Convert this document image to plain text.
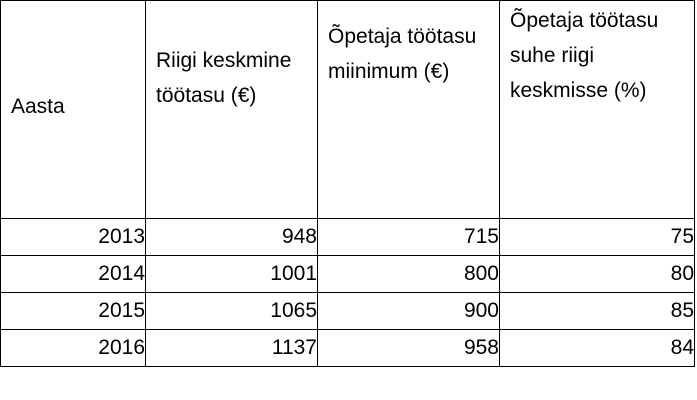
Aasta	Riigi keskmine töötasu (€)	Õpetaja töötasu miinimum (€)	Õpetaja töötasu suhe riigi keskmisse (%)

2013	948	715	75
2014	1001	800	80
2015	1065	900	85
2016	1137	958	84
